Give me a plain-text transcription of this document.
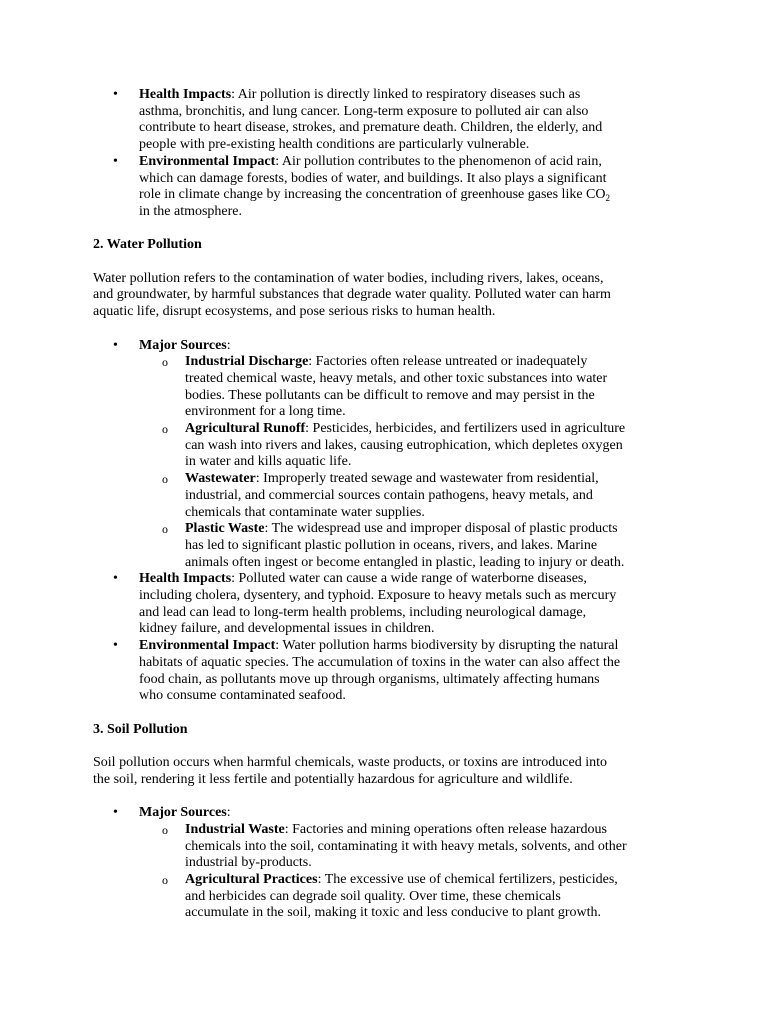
• Health Impacts: Air pollution is directly linked to respiratory diseases such as
asthma, bronchitis, and lung cancer. Long-term exposure to polluted air can also
contribute to heart disease, strokes, and premature death. Children, the elderly, and
people with pre-existing health conditions are particularly vulnerable.
• Environmental Impact: Air pollution contributes to the phenomenon of acid rain,
which can damage forests, bodies of water, and buildings. It also plays a significant
role in climate change by increasing the concentration of greenhouse gases like $CO_2$
in the atmosphere.
2. Water Pollution
Water pollution refers to the contamination of water bodies, including rivers, lakes, oceans,
and groundwater, by harmful substances that degrade water quality. Polluted water can harm
aquatic life, disrupt ecosystems, and pose serious risks to human health.
• Major Sources:
o Industrial Discharge: Factories often release untreated or inadequately
treated chemical waste, heavy metals, and other toxic substances into water
bodies. These pollutants can be difficult to remove and may persist in the
environment for a long time.
o Agricultural Runoff: Pesticides, herbicides, and fertilizers used in agriculture
can wash into rivers and lakes, causing eutrophication, which depletes oxygen
in water and kills aquatic life.
o Wastewater: Improperly treated sewage and wastewater from residential,
industrial, and commercial sources contain pathogens, heavy metals, and
chemicals that contaminate water supplies.
o Plastic Waste: The widespread use and improper disposal of plastic products
has led to significant plastic pollution in oceans, rivers, and lakes. Marine
animals often ingest or become entangled in plastic, leading to injury or death.
• Health Impacts: Polluted water can cause a wide range of waterborne diseases,
including cholera, dysentery, and typhoid. Exposure to heavy metals such as mercury
and lead can lead to long-term health problems, including neurological damage,
kidney failure, and developmental issues in children.
• Environmental Impact: Water pollution harms biodiversity by disrupting the natural
habitats of aquatic species. The accumulation of toxins in the water can also affect the
food chain, as pollutants move up through organisms, ultimately affecting humans
who consume contaminated seafood.
3. Soil Pollution
Soil pollution occurs when harmful chemicals, waste products, or toxins are introduced into
the soil, rendering it less fertile and potentially hazardous for agriculture and wildlife.
• Major Sources:
o Industrial Waste: Factories and mining operations often release hazardous
chemicals into the soil, contaminating it with heavy metals, solvents, and other
industrial by-products.
o Agricultural Practices: The excessive use of chemical fertilizers, pesticides,
and herbicides can degrade soil quality. Over time, these chemicals
accumulate in the soil, making it toxic and less conducive to plant growth.
